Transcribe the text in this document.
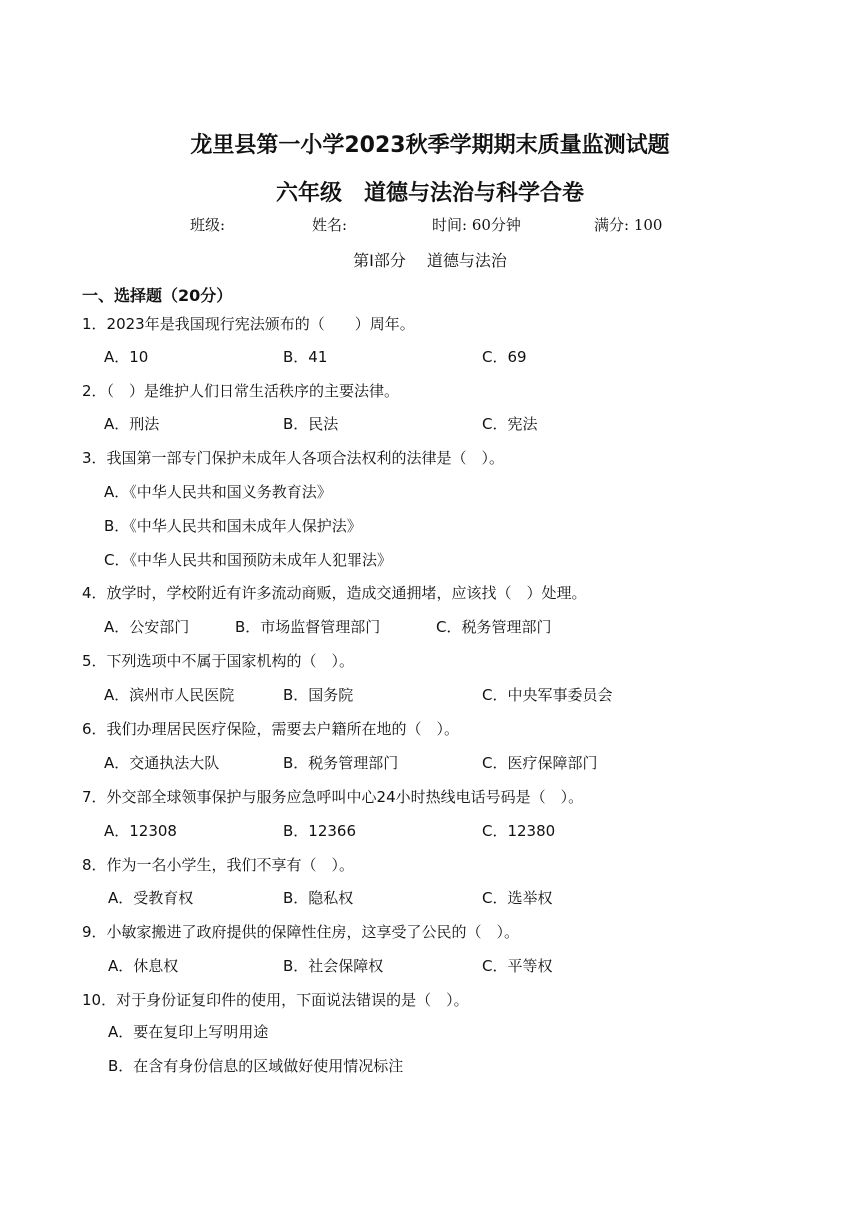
龙里县第一小学2023秋季学期期末质量监测试题
六年级　道德与法治与科学合卷
班级:	姓名:	时间: 60分钟	满分: 100
第Ⅰ部分　 道德与法治
一、选择题（20分）
1．2023年是我国现行宪法颁布的（　　）周年。
A．10	B．41	C．69
2．（　）是维护人们日常生活秩序的主要法律。
A．刑法	B．民法	C．宪法
3．我国第一部专门保护未成年人各项合法权利的法律是（　）。
A．《中华人民共和国义务教育法》
B．《中华人民共和国未成年人保护法》
C．《中华人民共和国预防未成年人犯罪法》
4．放学时，学校附近有许多流动商贩，造成交通拥堵，应该找（　）处理。
A．公安部门	B．市场监督管理部门	C．税务管理部门
5．下列选项中不属于国家机构的（　）。
A．滨州市人民医院	B．国务院	C．中央军事委员会
6．我们办理居民医疗保险，需要去户籍所在地的（　）。
A．交通执法大队	B．税务管理部门	C．医疗保障部门
7．外交部全球领事保护与服务应急呼叫中心24小时热线电话号码是（　）。
A．12308	B．12366	C．12380
8．作为一名小学生，我们不享有（　）。
A．受教育权	B．隐私权	C．选举权
9．小敏家搬进了政府提供的保障性住房，这享受了公民的（　）。
A．休息权	B．社会保障权	C．平等权
10．对于身份证复印件的使用，下面说法错误的是（　）。
A．要在复印上写明用途
B．在含有身份信息的区域做好使用情况标注
